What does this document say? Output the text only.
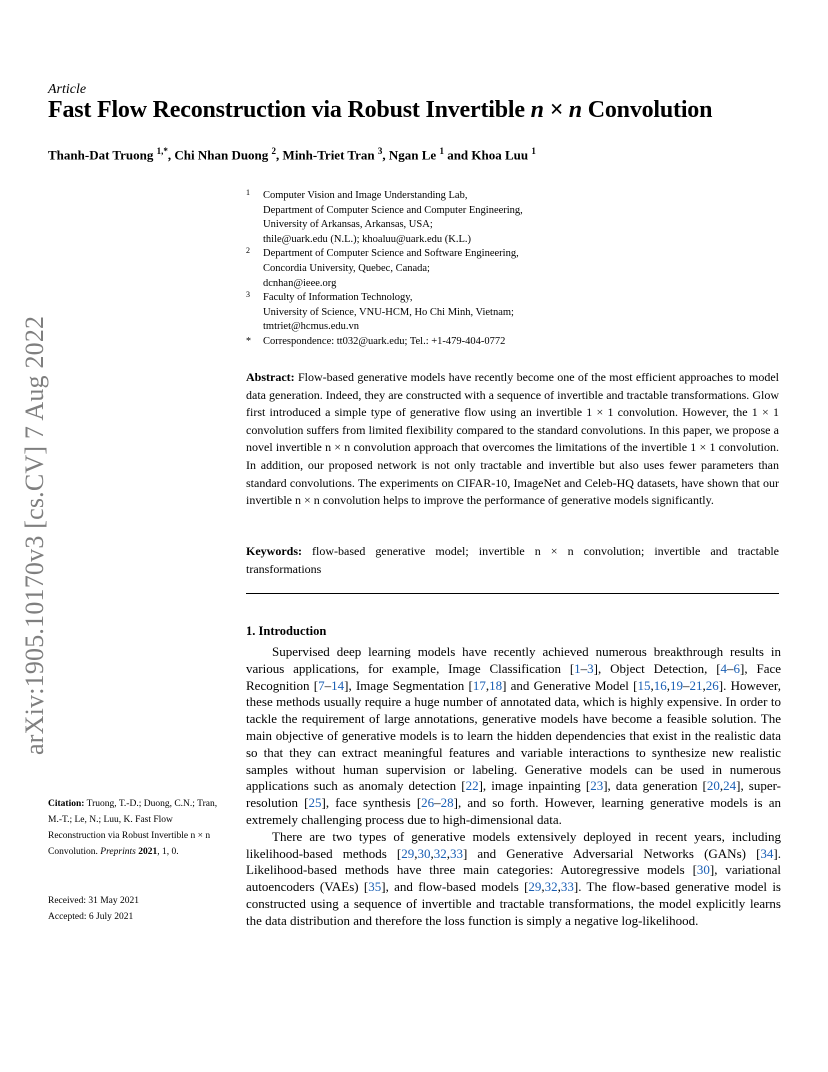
Article
Fast Flow Reconstruction via Robust Invertible n × n Convolution
Thanh-Dat Truong $^{1,*}$, Chi Nhan Duong $^2$, Minh-Triet Tran $^3$, Ngan Le $^1$ and Khoa Luu $^1$
1 Computer Vision and Image Understanding Lab,
Department of Computer Science and Computer Engineering,
University of Arkansas, Arkansas, USA;
thile@uark.edu (N.L.); khoaluu@uark.edu (K.L.)
2 Department of Computer Science and Software Engineering,
Concordia University, Quebec, Canada;
dcnhan@ieee.org
3 Faculty of Information Technology,
University of Science, VNU-HCM, Ho Chi Minh, Vietnam;
tmtriet@hcmus.edu.vn
* Correspondence: tt032@uark.edu; Tel.: +1-479-404-0772
arXiv:1905.10170v3 [cs.CV] 7 Aug 2022	Abstract: Flow-based generative models have recently become one of the most efficient approaches to model data generation. Indeed, they are constructed with a sequence of invertible and tractable transformations. Glow first introduced a simple type of generative flow using an invertible 1 × 1 convolution. However, the 1 × 1 convolution suffers from limited flexibility compared to the standard convolutions. In this paper, we propose a novel invertible n × n convolution approach that overcomes the limitations of the invertible 1 × 1 convolution. In addition, our proposed network is not only tractable and invertible but also uses fewer parameters than standard convolutions. The experiments on CIFAR-10, ImageNet and Celeb-HQ datasets, have shown that our invertible n × n convolution helps to improve the performance of generative models significantly.
Keywords: flow-based generative model; invertible n × n convolution; invertible and tractable transformations
1. Introduction

Supervised deep learning models have recently achieved numerous breakthrough results in various applications, for example, Image Classification [1–3], Object Detection, [4–6], Face Recognition [7–14], Image Segmentation [17,18] and Generative Model [15,16,19–21,26]. However, these methods usually require a huge number of annotated data, which is highly expensive. In order to tackle the requirement of large annotations, generative models have become a feasible solution. The main objective of generative models is to learn the hidden dependencies that exist in the realistic data so that they can extract meaningful features and variable interactions to synthesize new realistic samples without human supervision or labeling. Generative models can be used in numerous applications such as anomaly detection [22], image inpainting [23], data generation [20,24], super-resolution [25], face synthesis [26–28], and so forth. However, learning generative models is an extremely challenging process due to high-dimensional data.

There are two types of generative models extensively deployed in recent years, including likelihood-based methods [29,30,32,33] and Generative Adversarial Networks (GANs) [34]. Likelihood-based methods have three main categories: Autoregressive models [30], variational autoencoders (VAEs) [35], and flow-based models [29,32,33]. The flow-based generative model is constructed using a sequence of invertible and tractable transformations, the model explicitly learns the data distribution and therefore the loss function is simply a negative log-likelihood.

Citation: Truong, T.-D.; Duong, C.N.; Tran, M.-T.; Le, N.; Luu, K. Fast Flow Reconstruction via Robust Invertible n × n Convolution. Preprints 2021, 1, 0.
Received: 31 May 2021
Accepted: 6 July 2021
